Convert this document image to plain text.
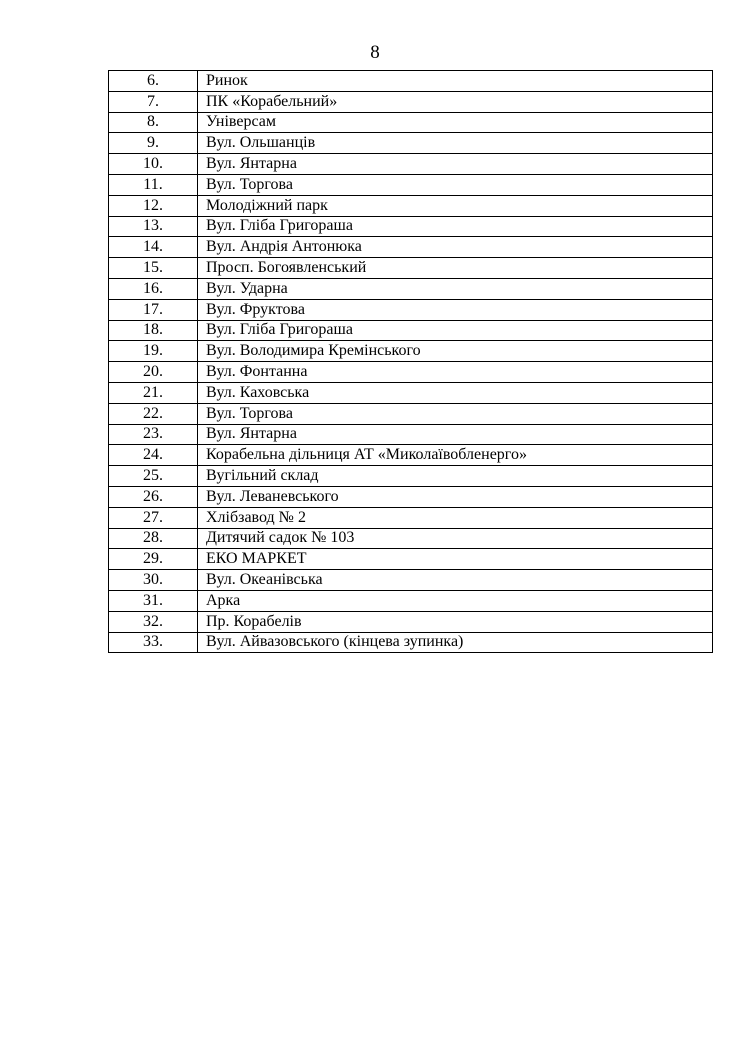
8
6.	Ринок
7.	ПК «Корабельний»
8.	Універсам
9.	Вул. Ольшанців
10.	Вул. Янтарна
11.	Вул. Торгова
12.	Молодіжний парк
13.	Вул. Гліба Григораша
14.	Вул. Андрія Антонюка
15.	Просп. Богоявленський
16.	Вул. Ударна
17.	Вул. Фруктова
18.	Вул. Гліба Григораша
19.	Вул. Володимира Кремінського
20.	Вул. Фонтанна
21.	Вул. Каховська
22.	Вул. Торгова
23.	Вул. Янтарна
24.	Корабельна дільниця АТ «Миколаївобленерго»
25.	Вугільний склад
26.	Вул. Леваневського
27.	Хлібзавод № 2
28.	Дитячий садок № 103
29.	ЕКО МАРКЕТ
30.	Вул. Океанівська
31.	Арка
32.	Пр. Корабелів
33.	Вул. Айвазовського (кінцева зупинка)
